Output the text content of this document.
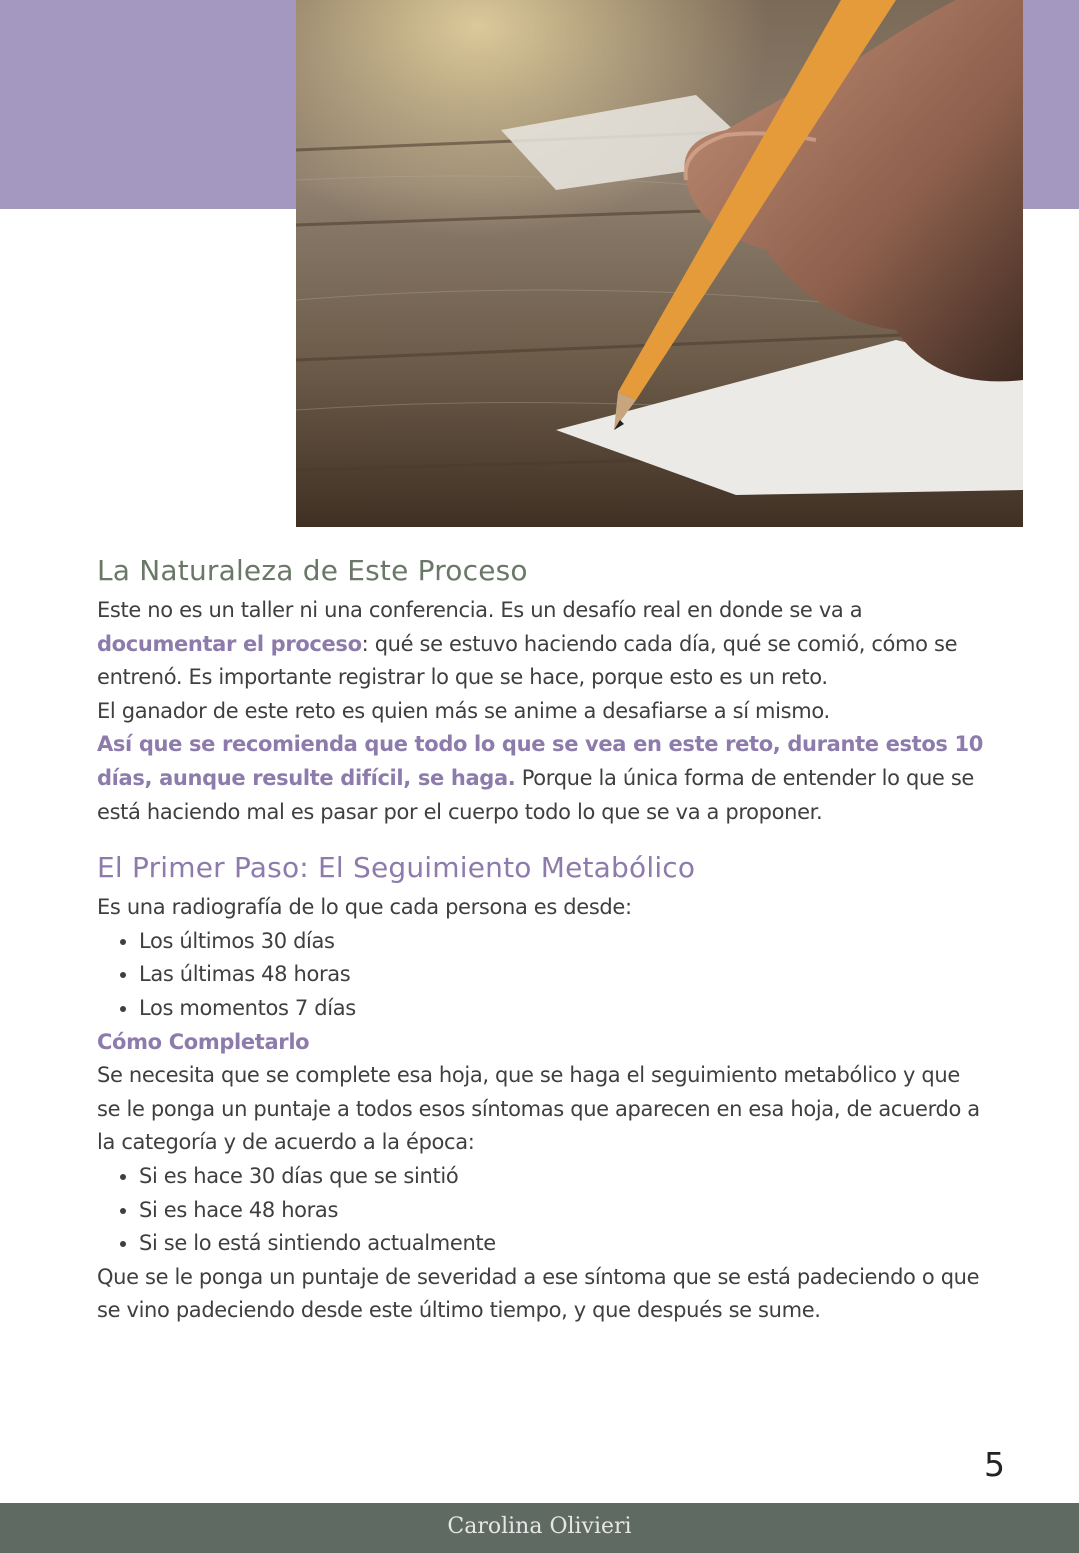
La Naturaleza de Este Proceso

Este no es un taller ni una conferencia. Es un desafío real en donde se va a documentar el proceso: qué se estuvo haciendo cada día, qué se comió, cómo se entrenó. Es importante registrar lo que se hace, porque esto es un reto.

El ganador de este reto es quien más se anime a desafiarse a sí mismo.

Así que se recomienda que todo lo que se vea en este reto, durante estos 10 días, aunque resulte difícil, se haga. Porque la única forma de entender lo que se está haciendo mal es pasar por el cuerpo todo lo que se va a proponer.

El Primer Paso: El Seguimiento Metabólico

Es una radiografía de lo que cada persona es desde:

• Los últimos 30 días
• Las últimas 48 horas
• Los momentos 7 días

Cómo Completarlo

Se necesita que se complete esa hoja, que se haga el seguimiento metabólico y que se le ponga un puntaje a todos esos síntomas que aparecen en esa hoja, de acuerdo a la categoría y de acuerdo a la época:

• Si es hace 30 días que se sintió
• Si es hace 48 horas
• Si se lo está sintiendo actualmente

Que se le ponga un puntaje de severidad a ese síntoma que se está padeciendo o que se vino padeciendo desde este último tiempo, y que después se sume.

5
Carolina Olivieri
